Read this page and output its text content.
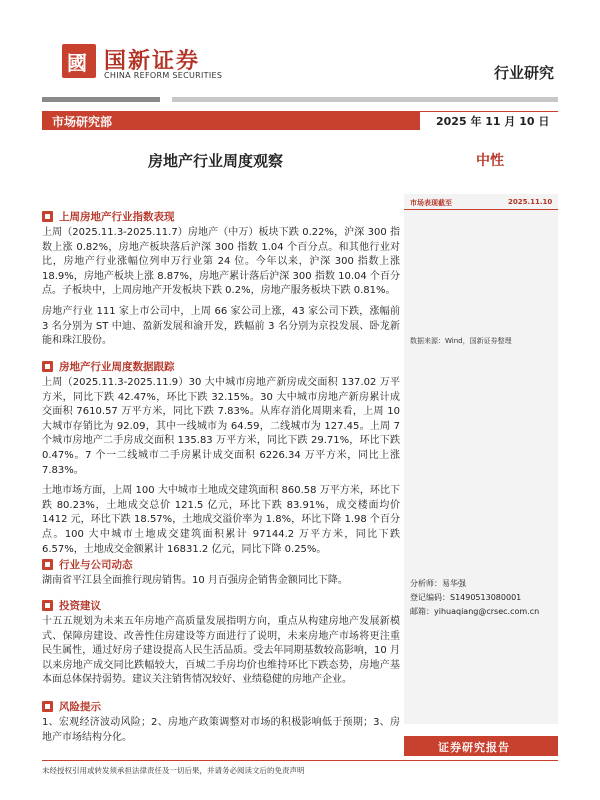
國 国新证券
CHINA REFORM SECURITIES	行业研究
市场研究部	2025 年 11 月 10 日
房地产行业周度观察	中性
上周房地产行业指数表现

上周（2025.11.3-2025.11.7）房地产（中万）板块下跌 0.22%，沪深 300 指数上涨 0.82%，房地产板块落后沪深 300 指数 1.04 个百分点。和其他行业对比，房地产行业涨幅位列申万行业第 24 位。今年以来，沪深 300 指数上涨 18.9%，房地产板块上涨 8.87%，房地产累计落后沪深 300 指数 10.04 个百分点。子板块中，上周房地产开发板块下跌 0.2%，房地产服务板块下跌 0.81%。

房地产行业 111 家上市公司中，上周 66 家公司上涨，43 家公司下跌，涨幅前 3 名分别为 ST 中迪、盈新发展和渝开发，跌幅前 3 名分别为京投发展、卧龙新能和珠江股份。

房地产行业周度数据跟踪

上周（2025.11.3-2025.11.9）30 大中城市房地产新房成交面积 137.02 万平方米，同比下跌 42.47%，环比下跌 32.15%。30 大中城市房地产新房累计成交面积 7610.57 万平方米，同比下跌 7.83%。从库存消化周期来看，上周 10 大城市存销比为 92.09，其中一线城市为 64.59，二线城市为 127.45。上周 7 个城市房地产二手房成交面积 135.83 万平方米，同比下跌 29.71%，环比下跌 0.47%。7 个一二线城市二手房累计成交面积 6226.34 万平方米，同比上涨 7.83%。

土地市场方面，上周 100 大中城市土地成交建筑面积 860.58 万平方米，环比下跌 80.23%，土地成交总价 121.5 亿元，环比下跌 83.91%，成交楼面均价 1412 元，环比下跌 18.57%，土地成交溢价率为 1.8%，环比下降 1.98 个百分点。100 大中城市土地成交建筑面积累计 97144.2 万平方米，同比下跌 6.57%，土地成交金额累计 16831.2 亿元，同比下降 0.25%。

行业与公司动态

湖南省平江县全面推行现房销售。10 月百强房企销售金额同比下降。

投资建议

十五五规划为未来五年房地产高质量发展指明方向，重点从构建房地产发展新模式、保障房建设、改善性住房建设等方面进行了说明，未来房地产市场将更注重民生属性，通过好房子建设提高人民生活品质。受去年同期基数较高影响，10 月以来房地产成交同比跌幅较大，百城二手房均价也维持环比下跌态势，房地产基本面总体保持弱势。建议关注销售情况较好、业绩稳健的房地产企业。

风险提示

1、宏观经济波动风险；2、房地产政策调整对市场的积极影响低于预期；3、房地产市场结构分化。

市场表现截至	2025.11.10
数据来源：Wind，国新证券整理
分析师：易华强
登记编码：S1490513080001
邮箱：yihuaqiang@crsec.com.cn
证券研究报告
未经授权引用或转发须承担法律责任及一切后果，并请务必阅读文后的免责声明
